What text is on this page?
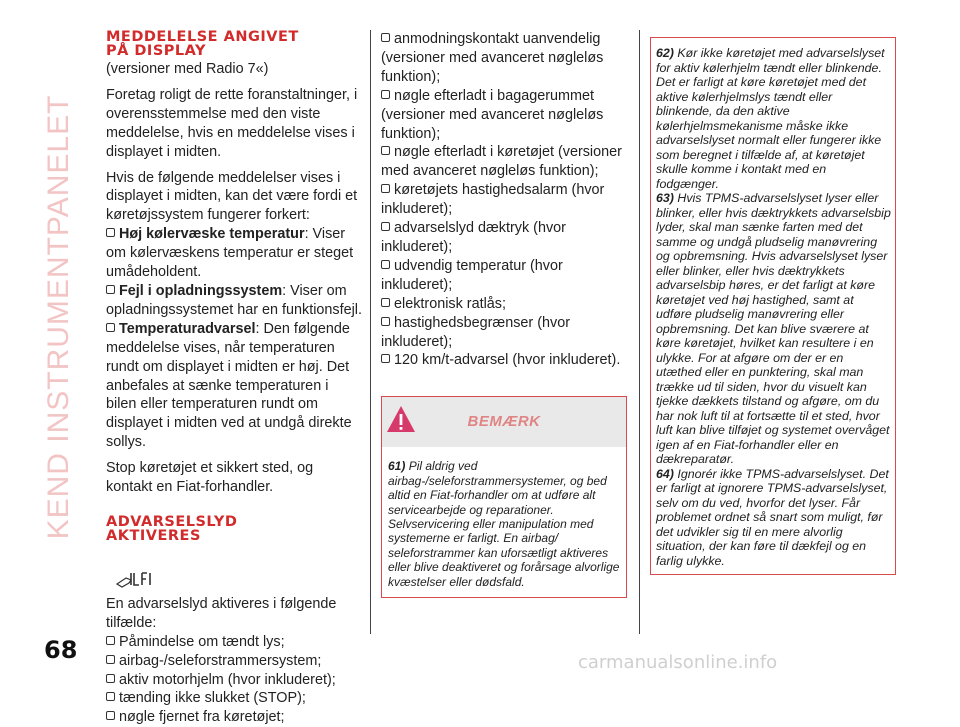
KEND INSTRUMENTPANELET
68	carmanualsonline.info
MEDDELELSE ANGIVET
PÅ DISPLAY
(versioner med Radio 7«)

Foretag roligt de rette foranstaltninger, i overensstemmelse med den viste meddelelse, hvis en meddelelse vises i displayet i midten.

Hvis de følgende meddelelser vises i displayet i midten, kan det være fordi et køretøjssystem fungerer forkert:

Høj kølervæske temperatur: Viser om kølervæskens temperatur er steget umådeholdent.
Fejl i opladningssystem: Viser om opladningssystemet har en funktionsfejl.
Temperaturadvarsel: Den følgende meddelelse vises, når temperaturen rundt om displayet i midten er høj. Det anbefales at sænke temperaturen i bilen eller temperaturen rundt om displayet i midten ved at undgå direkte sollys.

Stop køretøjet et sikkert sted, og kontakt en Fiat-forhandler.

ADVARSELSLYD
AKTIVERES

En advarselslyd aktiveres i følgende tilfælde:

Påmindelse om tændt lys;
airbag-/seleforstrammersystem;
aktiv motorhjelm (hvor inkluderet);
tænding ikke slukket (STOP);
nøgle fjernet fra køretøjet;
anmodningskontakt uanvendelig (versioner med avanceret nøgleløs funktion);
nøgle efterladt i bagagerummet (versioner med avanceret nøgleløs funktion);
nøgle efterladt i køretøjet (versioner med avanceret nøgleløs funktion);
køretøjets hastighedsalarm (hvor inkluderet);
advarselslyd dæktryk (hvor inkluderet);
udvendig temperatur (hvor inkluderet);
elektronisk ratlås;
hastighedsbegrænser (hvor inkluderet);
120 km/t-advarsel (hvor inkluderet).
BEMÆRK

61) Pil aldrig ved airbag-/seleforstrammersystemer, og bed altid en Fiat-forhandler om at udføre alt servicearbejde og reparationer. Selvservicering eller manipulation med systemerne er farligt. En airbag/ seleforstrammer kan uforsætligt aktiveres eller blive deaktiveret og forårsage alvorlige kvæstelser eller dødsfald.

62) Kør ikke køretøjet med advarselslyset for aktiv kølerhjelm tændt eller blinkende. Det er farligt at køre køretøjet med det aktive kølerhjelmslys tændt eller blinkende, da den aktive kølerhjelmsmekanisme måske ikke advarselslyset normalt eller fungerer ikke som beregnet i tilfælde af, at køretøjet skulle komme i kontakt med en fodgænger.

63) Hvis TPMS-advarselslyset lyser eller blinker, eller hvis dæktrykkets advarselsbip lyder, skal man sænke farten med det samme og undgå pludselig manøvrering og opbremsning. Hvis advarselslyset lyser eller blinker, eller hvis dæktrykkets advarselsbip høres, er det farligt at køre køretøjet ved høj hastighed, samt at udføre pludselig manøvrering eller opbremsning. Det kan blive sværere at køre køretøjet, hvilket kan resultere i en ulykke. For at afgøre om der er en utæthed eller en punktering, skal man trække ud til siden, hvor du visuelt kan tjekke dækkets tilstand og afgøre, om du har nok luft til at fortsætte til et sted, hvor luft kan blive tilføjet og systemet overvåget igen af en Fiat-forhandler eller en dækreparatør.

64) Ignorér ikke TPMS-advarselslyset. Det er farligt at ignorere TPMS-advarselslyset, selv om du ved, hvorfor det lyser. Får problemet ordnet så snart som muligt, før det udvikler sig til en mere alvorlig situation, der kan føre til dækfejl og en farlig ulykke.
